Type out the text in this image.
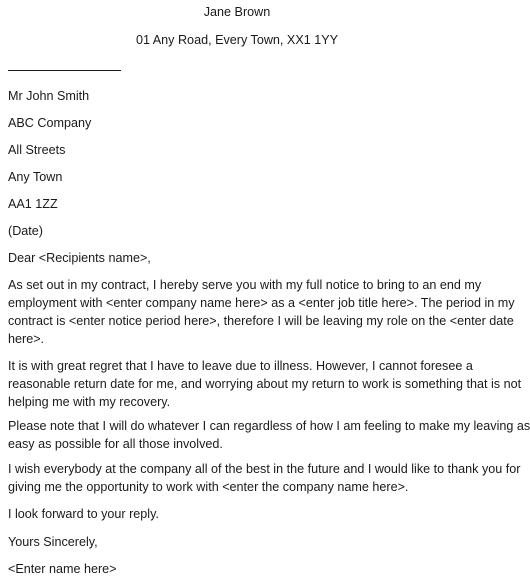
Jane Brown
01 Any Road, Every Town, XX1 1YY
Mr John Smith
ABC Company
All Streets
Any Town
AA1 1ZZ
(Date)
Dear <Recipients name>,
As set out in my contract, I hereby serve you with my full notice to bring to an end my
employment with <enter company name here> as a <enter job title here>. The period in my
contract is <enter notice period here>, therefore I will be leaving my role on the <enter date
here>.
It is with great regret that I have to leave due to illness. However, I cannot foresee a
reasonable return date for me, and worrying about my return to work is something that is not
helping me with my recovery.
Please note that I will do whatever I can regardless of how I am feeling to make my leaving as
easy as possible for all those involved.
I wish everybody at the company all of the best in the future and I would like to thank you for
giving me the opportunity to work with <enter the company name here>.
I look forward to your reply.
Yours Sincerely,
<Enter name here>
